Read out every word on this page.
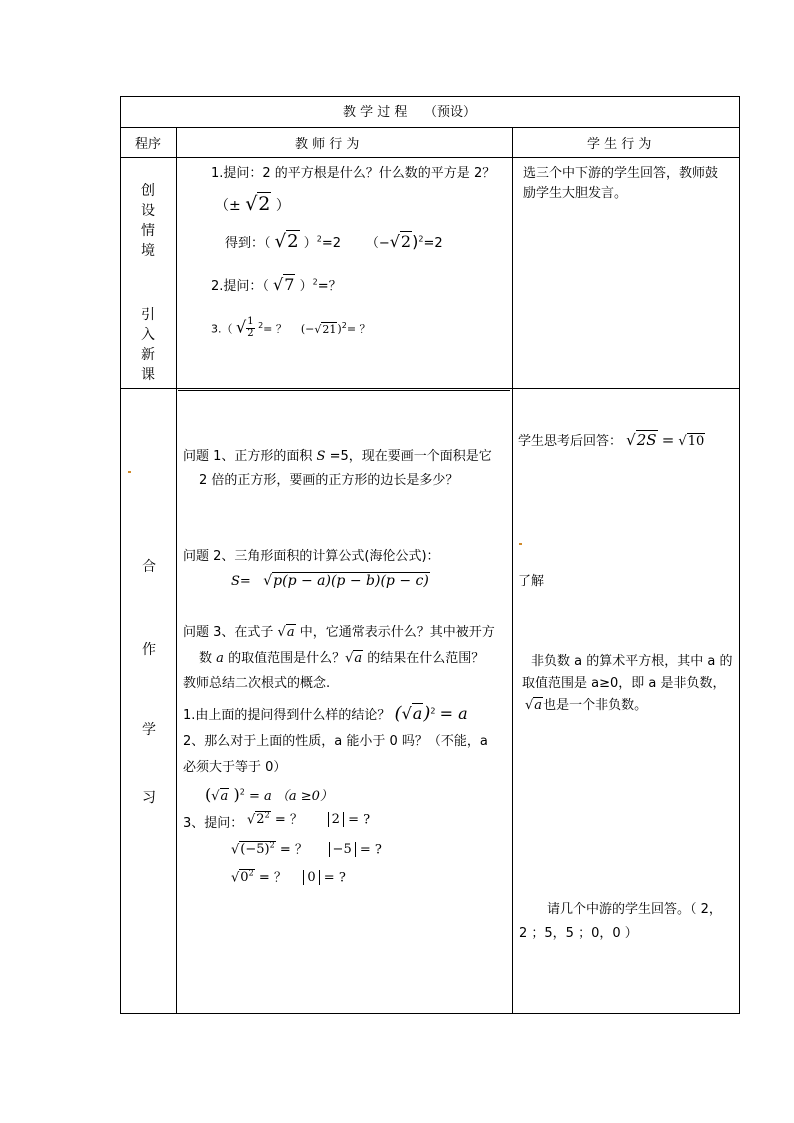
教 学 过 程 （预设）
程序	教 师 行 为	学 生 行 为
创
设
情
境
引
入
新
课
1.提问：2 的平方根是什么？什么数的平方是 2？
（± √2 ）
得到：（ √2 ）$^2$=2 （−√2)$^2$=2
2.提问：（ √7 ）$^2$=？
3.（ √ $\frac{1}{2} ^2=$ ？ $(-√21)^2=$ ？
选三个中下游的学生回答，教师鼓
励学生大胆发言。
合
作
学
习
问题 1、正方形的面积 S =5，现在要画一个面积是它
2 倍的正方形，要画的正方形的边长是多少？
问题 2、三角形面积的计算公式(海伦公式)：
S= √p(p − a)(p − b)(p − c)
问题 3、在式子 √a 中，它通常表示什么？其中被开方
数 a 的取值范围是什么？√a 的结果在什么范围？
教师总结二次根式的概念.
1.由上面的提问得到什么样的结论？ $(√a)^2 = a$
2、那么对于上面的性质，a 能小于 0 吗？（不能，a
必须大于等于 0）
(√a )$^2$ = a （a ≥0）
3、提问： $√2^2$ = ？ 2 = ?
$√(-5)^2$ = ？ −5 = ?
$√0^2$ = ？ 0 = ?
学生思考后回答： √2S = √10
了解
非负数 a 的算术平方根，其中 a 的
取值范围是 a≥0，即 a 是非负数，
√a也是一个非负数。
请几个中游的学生回答。（ 2，
2 ；5，5 ；0，0 ）
